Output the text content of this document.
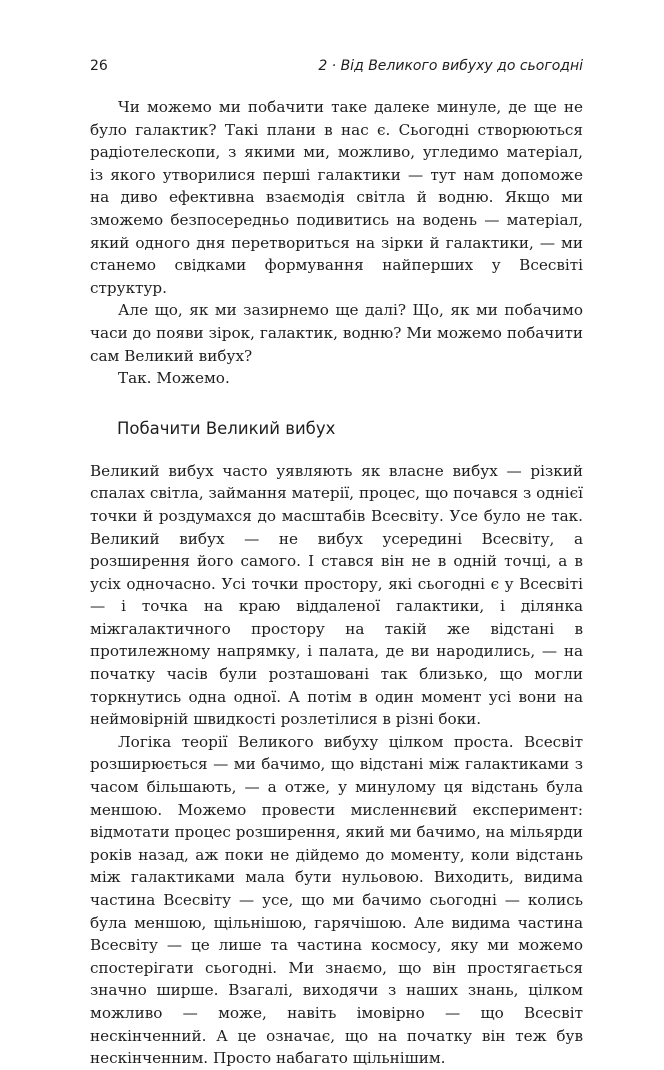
26	2 · Від Великого вибуху до сьогодні

Чи можемо ми побачити таке далеке минуле, де ще не було галактик? Такі плани в нас є. Сьогодні створюються радіотелескопи, з якими ми, можливо, угледимо матеріал, із якого утворилися перші галактики — тут нам допоможе на диво ефективна взаємодія світла й водню. Якщо ми зможемо безпосередньо подивитись на водень — матеріал, який одного дня перетвориться на зірки й галактики, — ми станемо свідками формування найперших у Всесвіті структур.

Але що, як ми зазирнемо ще далі? Що, як ми побачимо часи до появи зірок, галактик, водню? Ми можемо побачити сам Великий вибух?

Так. Можемо.

Побачити Великий вибух

Великий вибух часто уявляють як власне вибух — різкий спалах світла, займання матерії, процес, що почався з однієї точки й роздумахся до масштабів Всесвіту. Усе було не так. Великий вибух — не вибух усередині Всесвіту, а розширення його самого. І стався він не в одній точці, а в усіх одночасно. Усі точки простору, які сьогодні є у Всесвіті — і точка на краю віддаленої галактики, і ділянка міжгалактичного простору на такій же відстані в протилежному напрямку, і палата, де ви народились, — на початку часів були розташовані так близько, що могли торкнутись одна одної. А потім в один момент усі вони на неймовірній швидкості розлетілися в різні боки.

Логіка теорії Великого вибуху цілком проста. Всесвіт розширюється — ми бачимо, що відстані між галактиками з часом більшають, — а отже, у минулому ця відстань була меншою. Можемо провести мисленнєвий експеримент: відмотати процес розширення, який ми бачимо, на мільярди років назад, аж поки не дійдемо до моменту, коли відстань між галактиками мала бути нульовою. Виходить, видима частина Всесвіту — усе, що ми бачимо сьогодні — колись була меншою, щільнішою, гарячішою. Але видима частина Всесвіту — це лише та частина космосу, яку ми можемо спостерігати сьогодні. Ми знаємо, що він простягається значно ширше. Взагалі, виходячи з наших знань, цілком можливо — може, навіть імовірно — що Всесвіт нескінченний. А це означає, що на початку він теж був нескінченним. Просто набагато щільнішим.
